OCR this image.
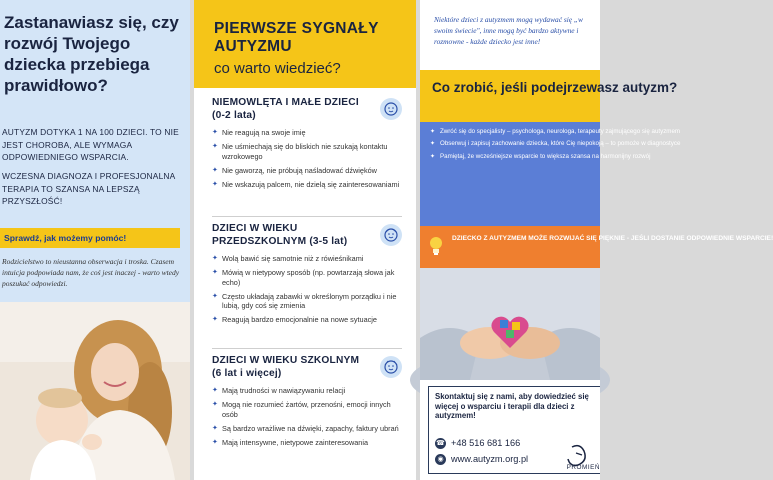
Zastanawiasz się, czy rozwój Twojego dziecka przebiega prawidłowo?
AUTYZM DOTYKA 1 NA 100 DZIECI. TO NIE JEST CHOROBA, ALE WYMAGA ODPOWIEDNIEGO WSPARCIA.
WCZESNA DIAGNOZA I PROFESJONALNA TERAPIA TO SZANSA NA LEPSZĄ PRZYSZŁOŚĆ!
Sprawdź, jak możemy pomóc!
Rodzicielstwo to nieustanna obserwacja i troska. Czasem intuicja podpowiada nam, że coś jest inaczej - warto wtedy poszukać odpowiedzi.
PIERWSZE SYGNAŁY
AUTYZMU
co warto wiedzieć?
NIEMOWLĘTA I MAŁE DZIECI (0-2 lata)
✦ Nie reagują na swoje imię
✦ Nie uśmiechają się do bliskich nie szukają kontaktu wzrokowego
✦ Nie gaworzą, nie próbują naśladować dźwięków
✦ Nie wskazują palcem, nie dzielą się zainteresowaniami
DZIECI W WIEKU PRZEDSZKOLNYM (3-5 lat)
✦ Wolą bawić się samotnie niż z rówieśnikami
✦ Mówią w nietypowy sposób (np. powtarzają słowa jak echo)
✦ Często układają zabawki w określonym porządku i nie lubią, gdy coś się zmienia
✦ Reagują bardzo emocjonalnie na nowe sytuacje
DZIECI W WIEKU SZKOLNYM (6 lat i więcej)
✦ Mają trudności w nawiązywaniu relacji
✦ Mogą nie rozumieć żartów, przenośni, emocji innych osób
✦ Są bardzo wrażliwe na dźwięki, zapachy, faktury ubrań
✦ Mają intensywne, nietypowe zainteresowania
Niektóre dzieci z autyzmem mogą wydawać się „w swoim świecie", inne mogą być bardzo aktywne i rozmowne - każde dziecko jest inne!
Co zrobić, jeśli podejrzewasz autyzm?
✦ Zwróć się do specjalisty – psychologa, neurologa, terapeuty zajmującego się autyzmem
✦ Obserwuj i zapisuj zachowanie dziecka, które Cię niepokoją – to pomoże w diagnostyce
✦ Pamiętaj, że wcześniejsze wsparcie to większa szansa na harmonijny rozwój
DZIECKO Z AUTYZMEM MOŻE ROZWIJAĆ SIĘ PIĘKNIE - JEŚLI DOSTANIE ODPOWIEDNIE WSPARCIE!
Skontaktuj się z nami, aby dowiedzieć się więcej o wsparciu i terapii dla dzieci z autyzmem!
☎ +48 516 681 166
◉ www.autyzm.org.pl
PROMIEŃ
